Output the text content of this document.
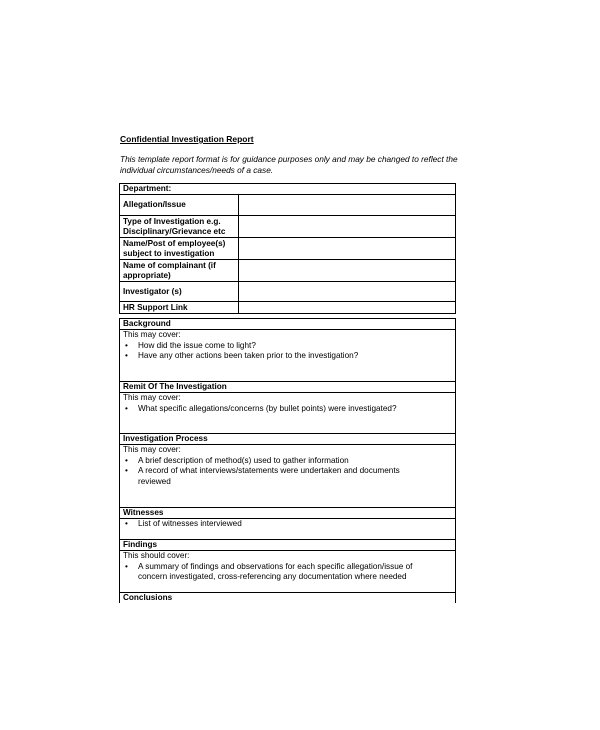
Confidential Investigation Report
This template report format is for guidance purposes only and may be changed to reflect the individual circumstances/needs of a case.
Department:	
Allegation/Issue	
Type of Investigation e.g. Disciplinary/Grievance etc	
Name/Post of employee(s) subject to investigation	
Name of complainant (if appropriate)	
Investigator (s)	
HR Support Link	
Background

This may cover:
• How did the issue come to light?
• Have any other actions been taken prior to the investigation?

Remit Of The Investigation

This may cover:
• What specific allegations/concerns (by bullet points) were investigated?

Investigation Process

This may cover:
• A brief description of method(s) used to gather information
• A record of what interviews/statements were undertaken and documents reviewed

Witnesses

• List of witnesses interviewed

Findings

This should cover:
• A summary of findings and observations for each specific allegation/issue of concern investigated, cross-referencing any documentation where needed

Conclusions
